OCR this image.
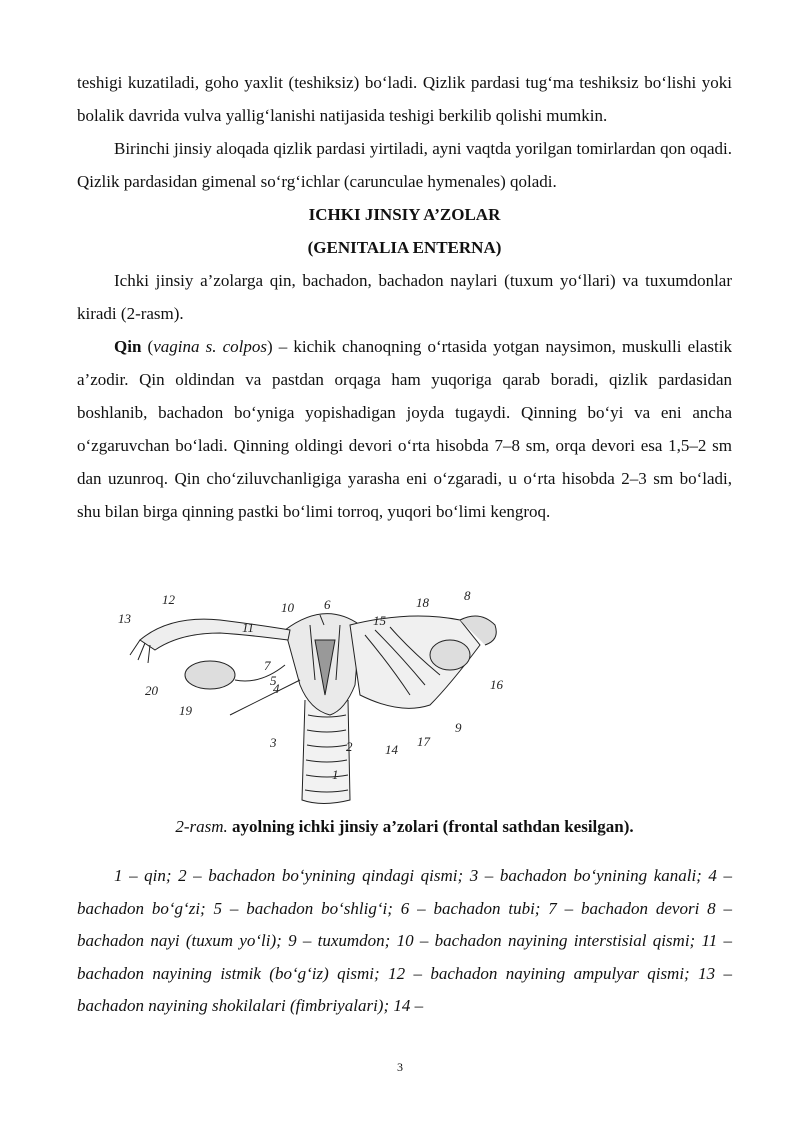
teshigi kuzatiladi, goho yaxlit (teshiksiz) bo‘ladi. Qizlik pardasi tug‘ma teshiksiz bo‘lishi yoki bolalik davrida vulva yallig‘lanishi natijasida teshigi berkilib qolishi mumkin.

Birinchi jinsiy aloqada qizlik pardasi yirtiladi, ayni vaqtda yorilgan tomirlardan qon oqadi. Qizlik pardasidan gimenal so‘rg‘ichlar (carunculae hymenales) qoladi.

ICHKI JINSIY A’ZOLAR

(GENITALIA ENTERNA)

Ichki jinsiy a’zolarga qin, bachadon, bachadon naylari (tuxum yo‘llari) va tuxumdonlar kiradi (2-rasm).

Qin (vagina s. colpos) – kichik chanoqning o‘rtasida yotgan naysimon, muskulli elastik a’zodir. Qin oldindan va pastdan orqaga ham yuqoriga qarab boradi, qizlik pardasidan boshlanib, bachadon bo‘yniga yopishadigan joyda tugaydi. Qinning bo‘yi va eni ancha o‘zgaruvchan bo‘ladi. Qinning oldingi devori o‘rta hisobda 7–8 sm, orqa devori esa 1,5–2 sm dan uzunroq. Qin cho‘ziluvchanligiga yarasha eni o‘zgaradi, u o‘rta hisobda 2–3 sm bo‘ladi, shu bilan birga qinning pastki bo‘limi torroq, yuqori bo‘limi kengroq.

1
2
3
4
5
6
7
8
9
10
11
12
13
14
15
16
17
18
19
20
2-rasm. ayolning ichki jinsiy a’zolari (frontal sathdan kesilgan).

1 – qin; 2 – bachadon bo‘ynining qindagi qismi; 3 – bachadon bo‘ynining kanali; 4 – bachadon bo‘g‘zi; 5 – bachadon bo‘shlig‘i; 6 – bachadon tubi; 7 – bachadon devori 8 – bachadon nayi (tuxum yo‘li); 9 – tuxumdon; 10 – bachadon nayining interstisial qismi; 11 – bachadon nayining istmik (bo‘g‘iz) qismi; 12 – bachadon nayining ampulyar qismi; 13 – bachadon nayining shokilalari (fimbriyalari); 14 –

3
